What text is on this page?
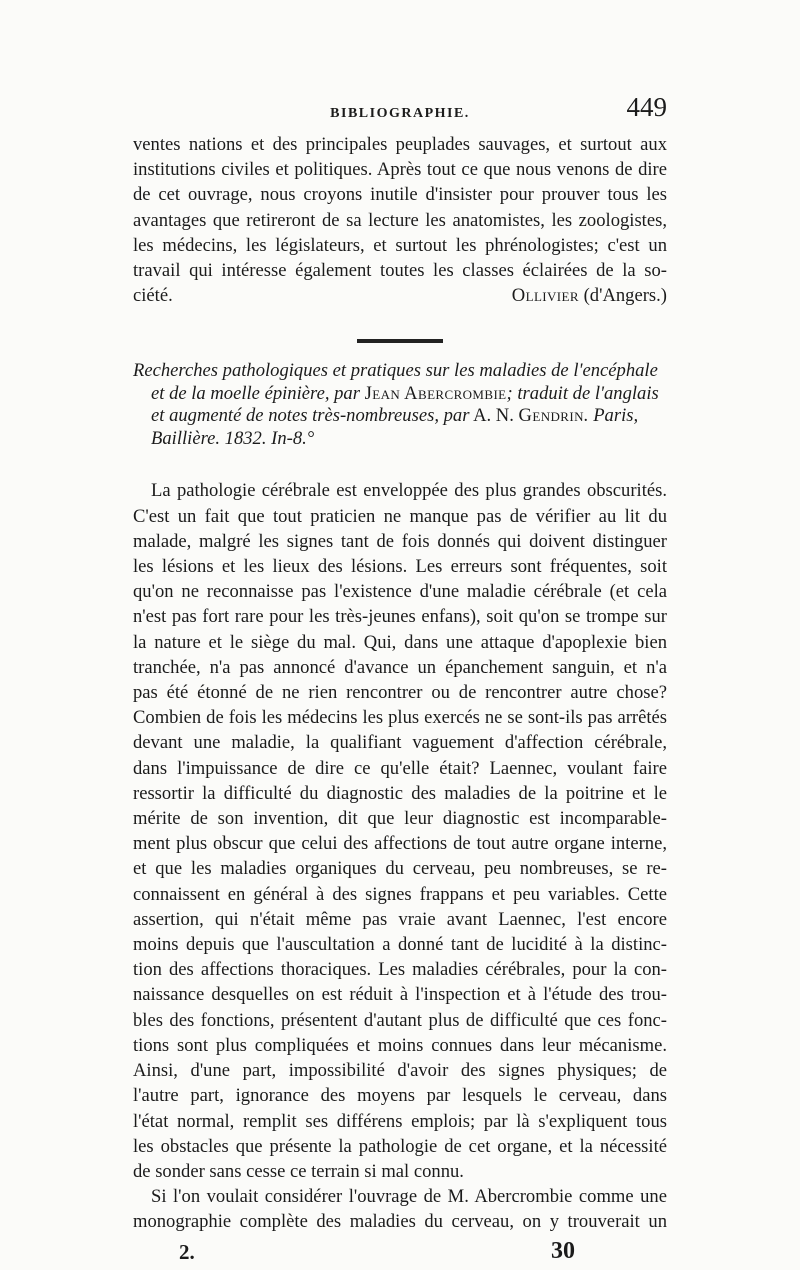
BIBLIOGRAPHIE.	449
ventes nations et des principales peuplades sauvages, et surtout aux
institutions civiles et politiques. Après tout ce que nous venons de dire
de cet ouvrage, nous croyons inutile d'insister pour prouver tous les
avantages que retireront de sa lecture les anatomistes, les zoologistes,
les médecins, les législateurs, et surtout les phrénologistes; c'est un
travail qui intéresse également toutes les classes éclairées de la so-
ciété.	Ollivier (d'Angers.)
Recherches pathologiques et pratiques sur les maladies de l'encéphale
et de la moelle épinière, par Jean Abercrombie; traduit de l'anglais
et augmenté de notes très-nombreuses, par A. N. Gendrin. Paris,
Baillière. 1832. In-8.°
La pathologie cérébrale est enveloppée des plus grandes obscurités.
C'est un fait que tout praticien ne manque pas de vérifier au lit du
malade, malgré les signes tant de fois donnés qui doivent distinguer
les lésions et les lieux des lésions. Les erreurs sont fréquentes, soit
qu'on ne reconnaisse pas l'existence d'une maladie cérébrale (et cela
n'est pas fort rare pour les très-jeunes enfans), soit qu'on se trompe sur
la nature et le siège du mal. Qui, dans une attaque d'apoplexie bien
tranchée, n'a pas annoncé d'avance un épanchement sanguin, et n'a
pas été étonné de ne rien rencontrer ou de rencontrer autre chose?
Combien de fois les médecins les plus exercés ne se sont-ils pas arrêtés
devant une maladie, la qualifiant vaguement d'affection cérébrale,
dans l'impuissance de dire ce qu'elle était? Laennec, voulant faire
ressortir la difficulté du diagnostic des maladies de la poitrine et le
mérite de son invention, dit que leur diagnostic est incomparable-
ment plus obscur que celui des affections de tout autre organe interne,
et que les maladies organiques du cerveau, peu nombreuses, se re-
connaissent en général à des signes frappans et peu variables. Cette
assertion, qui n'était même pas vraie avant Laennec, l'est encore
moins depuis que l'auscultation a donné tant de lucidité à la distinc-
tion des affections thoraciques. Les maladies cérébrales, pour la con-
naissance desquelles on est réduit à l'inspection et à l'étude des trou-
bles des fonctions, présentent d'autant plus de difficulté que ces fonc-
tions sont plus compliquées et moins connues dans leur mécanisme.
Ainsi, d'une part, impossibilité d'avoir des signes physiques; de
l'autre part, ignorance des moyens par lesquels le cerveau, dans
l'état normal, remplit ses différens emplois; par là s'expliquent tous
les obstacles que présente la pathologie de cet organe, et la nécessité
de sonder sans cesse ce terrain si mal connu.
Si l'on voulait considérer l'ouvrage de M. Abercrombie comme une
monographie complète des maladies du cerveau, on y trouverait un
2.	30
